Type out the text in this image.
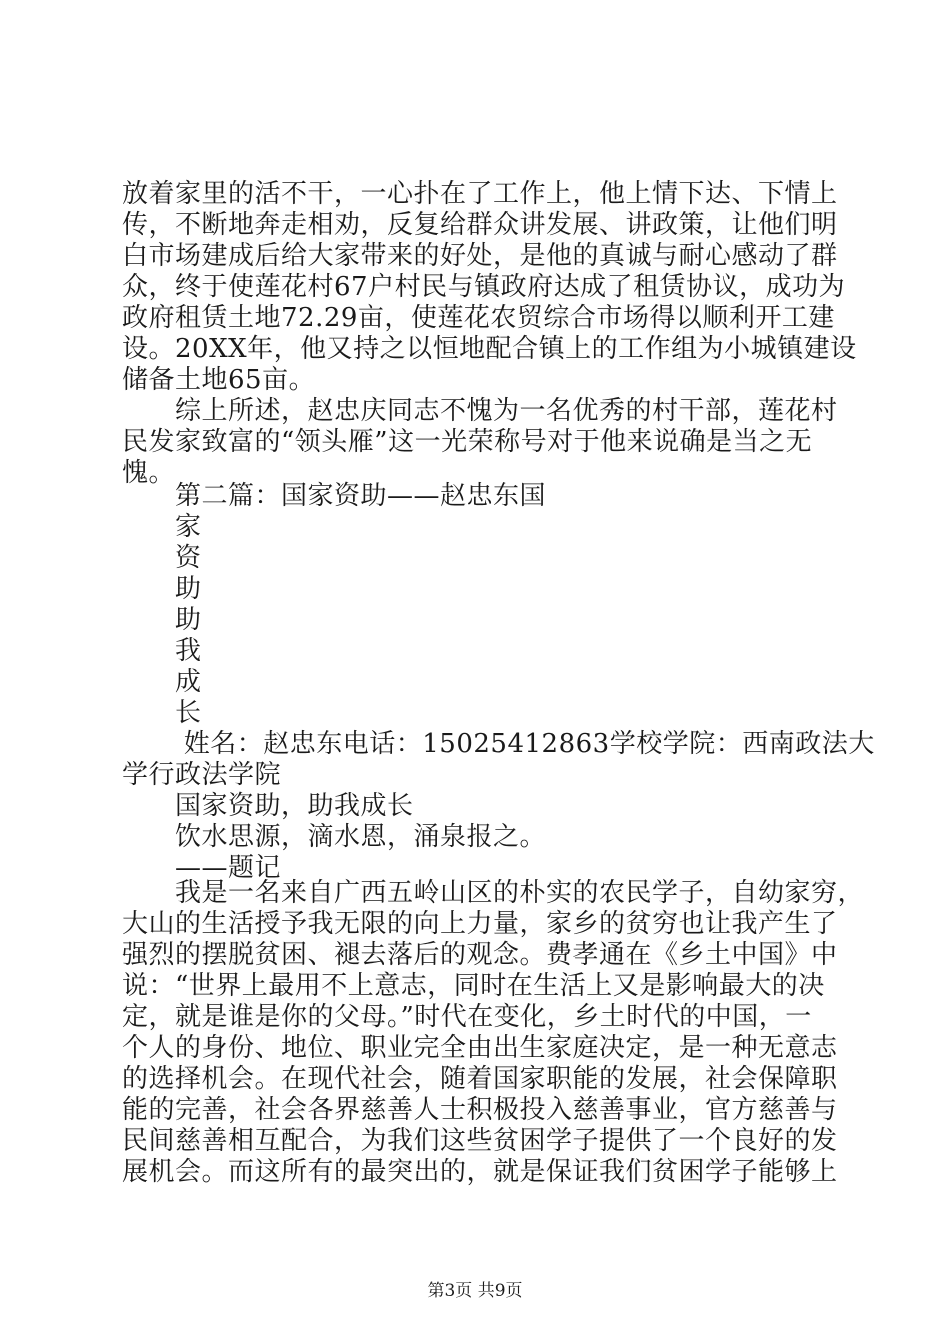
放着家里的活不干，一心扑在了工作上，他上情下达、下情上
传，不断地奔走相劝，反复给群众讲发展、讲政策，让他们明
白市场建成后给大家带来的好处，是他的真诚与耐心感动了群
众，终于使莲花村67户村民与镇政府达成了租赁协议，成功为
政府租赁土地72.29亩，使莲花农贸综合市场得以顺利开工建
设。20XX年，他又持之以恒地配合镇上的工作组为小城镇建设
储备土地65亩。
　　综上所述，赵忠庆同志不愧为一名优秀的村干部，莲花村
民发家致富的“领头雁”这一光荣称号对于他来说确是当之无
愧。
　　第二篇：国家资助——赵忠东国
　　家
　　资
　　助
　　助
　　我
　　成
　　长
　　 姓名：赵忠东电话：15025412863学校学院：西南政法大
学行政法学院
　　国家资助，助我成长
　　饮水思源，滴水恩，涌泉报之。
　　——题记
　　我是一名来自广西五岭山区的朴实的农民学子，自幼家穷，
大山的生活授予我无限的向上力量，家乡的贫穷也让我产生了
强烈的摆脱贫困、褪去落后的观念。费孝通在《乡土中国》中
说：“世界上最用不上意志，同时在生活上又是影响最大的决
定，就是谁是你的父母。”时代在变化，乡土时代的中国，一
个人的身份、地位、职业完全由出生家庭决定，是一种无意志
的选择机会。在现代社会，随着国家职能的发展，社会保障职
能的完善，社会各界慈善人士积极投入慈善事业，官方慈善与
民间慈善相互配合，为我们这些贫困学子提供了一个良好的发
展机会。而这所有的最突出的，就是保证我们贫困学子能够上
第3页 共9页
